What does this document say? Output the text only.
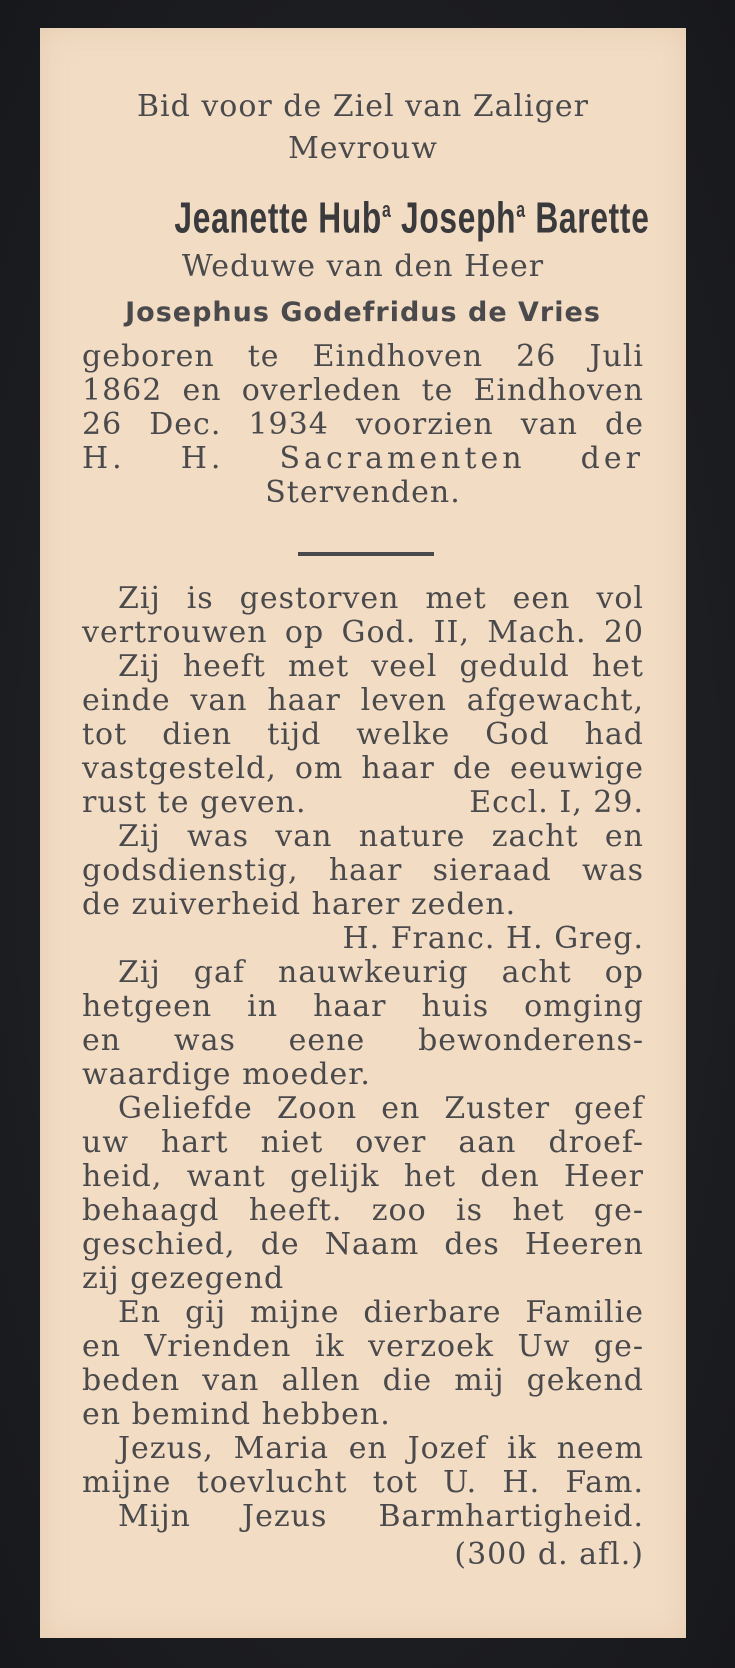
Bid voor de Ziel van Zaliger
Mevrouw
Jeanette Hub$^a$ Joseph$^a$ Barette
Weduwe van den Heer
Josephus Godefridus de Vries
geboren te Eindhoven 26 Juli
1862 en overleden te Eindhoven
26 Dec. 1934 voorzien van de
H. H. Sacramenten der
Stervenden.
Zij is gestorven met een vol
vertrouwen op God. II, Mach. 20
Zij heeft met veel geduld het
einde van haar leven afgewacht,
tot dien tijd welke God had
vastgesteld, om haar de eeuwige
rust te geven.	Eccl. I, 29.
Zij was van nature zacht en
godsdienstig, haar sieraad was
de zuiverheid harer zeden.
H. Franc. H. Greg.
Zij gaf nauwkeurig acht op
hetgeen in haar huis omging
en was eene bewonderens-
waardige moeder.
Geliefde Zoon en Zuster geef
uw hart niet over aan droef-
heid, want gelijk het den Heer
behaagd heeft. zoo is het ge-
geschied, de Naam des Heeren
zij gezegend
En gij mijne dierbare Familie
en Vrienden ik verzoek Uw ge-
beden van allen die mij gekend
en bemind hebben.
Jezus, Maria en Jozef ik neem
mijne toevlucht tot U. H. Fam.
Mijn Jezus Barmhartigheid.
(300 d. afl.)
